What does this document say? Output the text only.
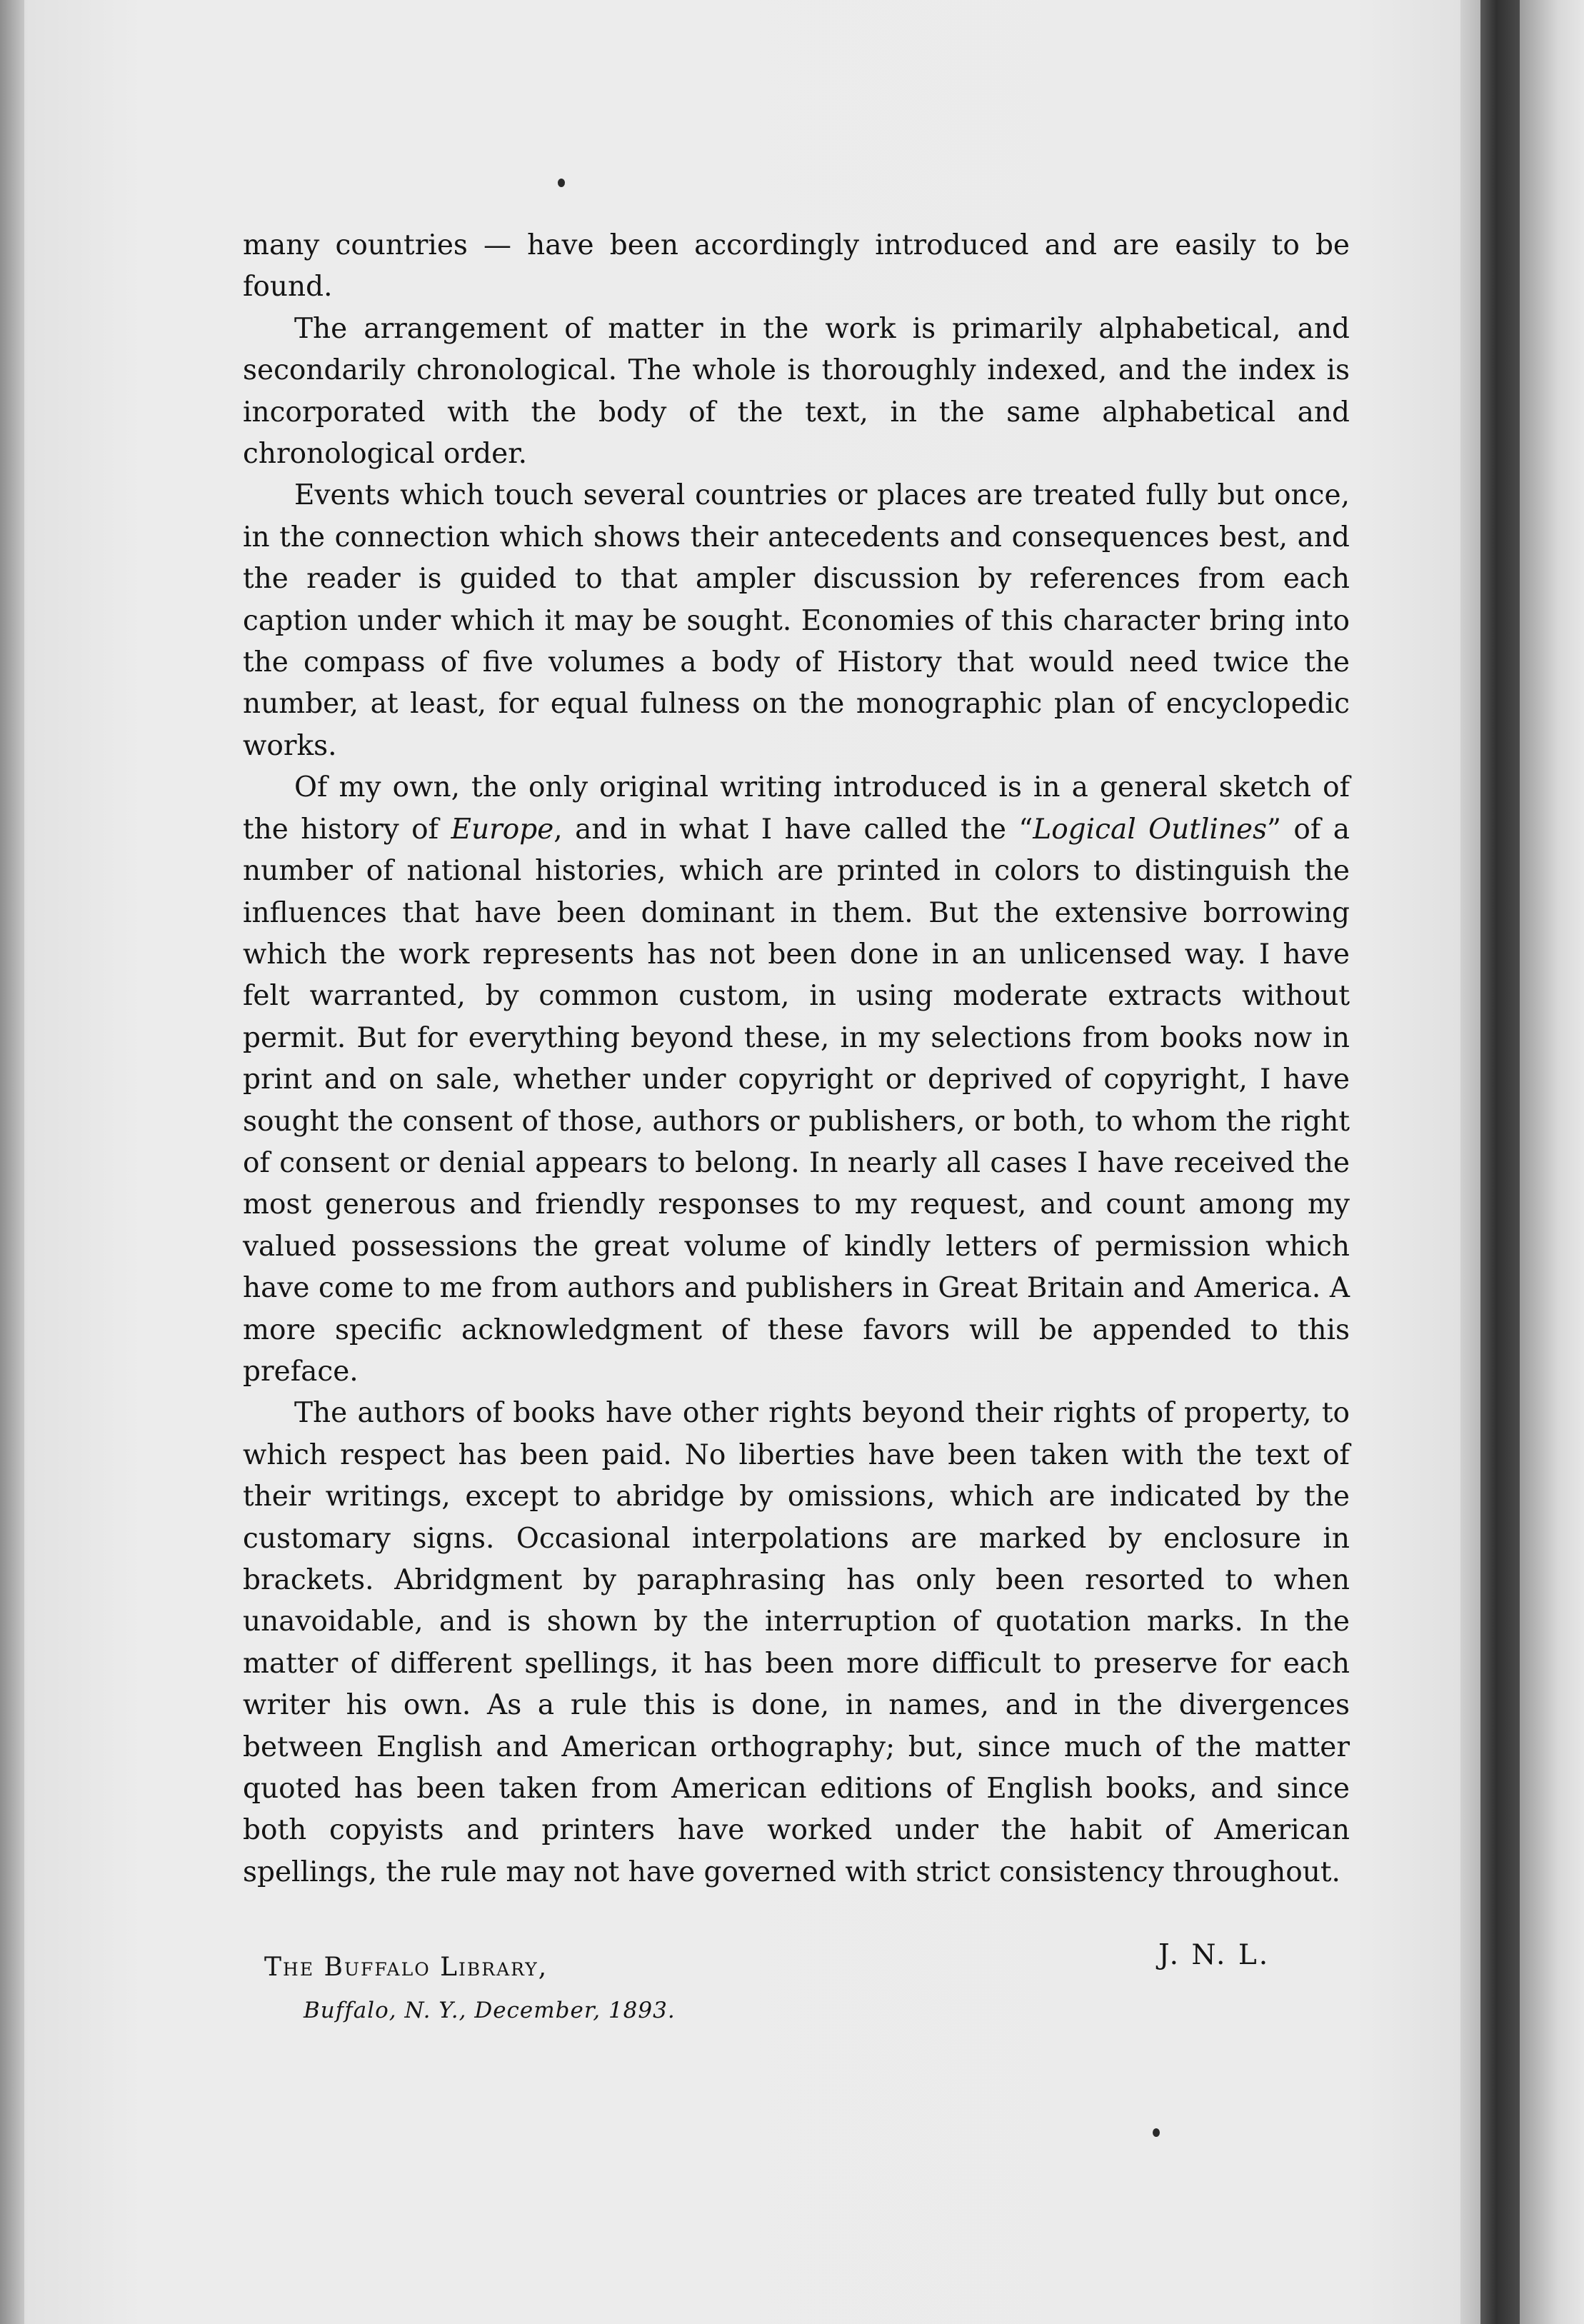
many countries — have been accordingly introduced and are easily to be found.

The arrangement of matter in the work is primarily alphabetical, and secondarily chronological. The whole is thoroughly indexed, and the index is incorporated with the body of the text, in the same alphabetical and chronological order.

Events which touch several countries or places are treated fully but once, in the connection which shows their antecedents and consequences best, and the reader is guided to that ampler discussion by references from each caption under which it may be sought. Economies of this character bring into the compass of five volumes a body of History that would need twice the number, at least, for equal fulness on the monographic plan of encyclopedic works.

Of my own, the only original writing introduced is in a general sketch of the history of Europe, and in what I have called the “Logical Outlines” of a number of national histories, which are printed in colors to distinguish the influences that have been dominant in them. But the extensive borrowing which the work represents has not been done in an unlicensed way. I have felt warranted, by common custom, in using moderate extracts without permit. But for everything beyond these, in my selections from books now in print and on sale, whether under copyright or deprived of copyright, I have sought the consent of those, authors or publishers, or both, to whom the right of consent or denial appears to belong. In nearly all cases I have received the most generous and friendly responses to my request, and count among my valued possessions the great volume of kindly letters of permission which have come to me from authors and publishers in Great Britain and America. A more specific acknowledgment of these favors will be appended to this preface.

The authors of books have other rights beyond their rights of property, to which respect has been paid. No liberties have been taken with the text of their writings, except to abridge by omissions, which are indicated by the customary signs. Occasional interpolations are marked by enclosure in brackets. Abridgment by paraphrasing has only been resorted to when unavoidable, and is shown by the interruption of quotation marks. In the matter of different spellings, it has been more difficult to preserve for each writer his own. As a rule this is done, in names, and in the divergences between English and American orthography; but, since much of the matter quoted has been taken from American editions of English books, and since both copyists and printers have worked under the habit of American spellings, the rule may not have governed with strict consistency throughout.

J. N. L.
The Buffalo Library,
Buffalo, N. Y., December, 1893.
